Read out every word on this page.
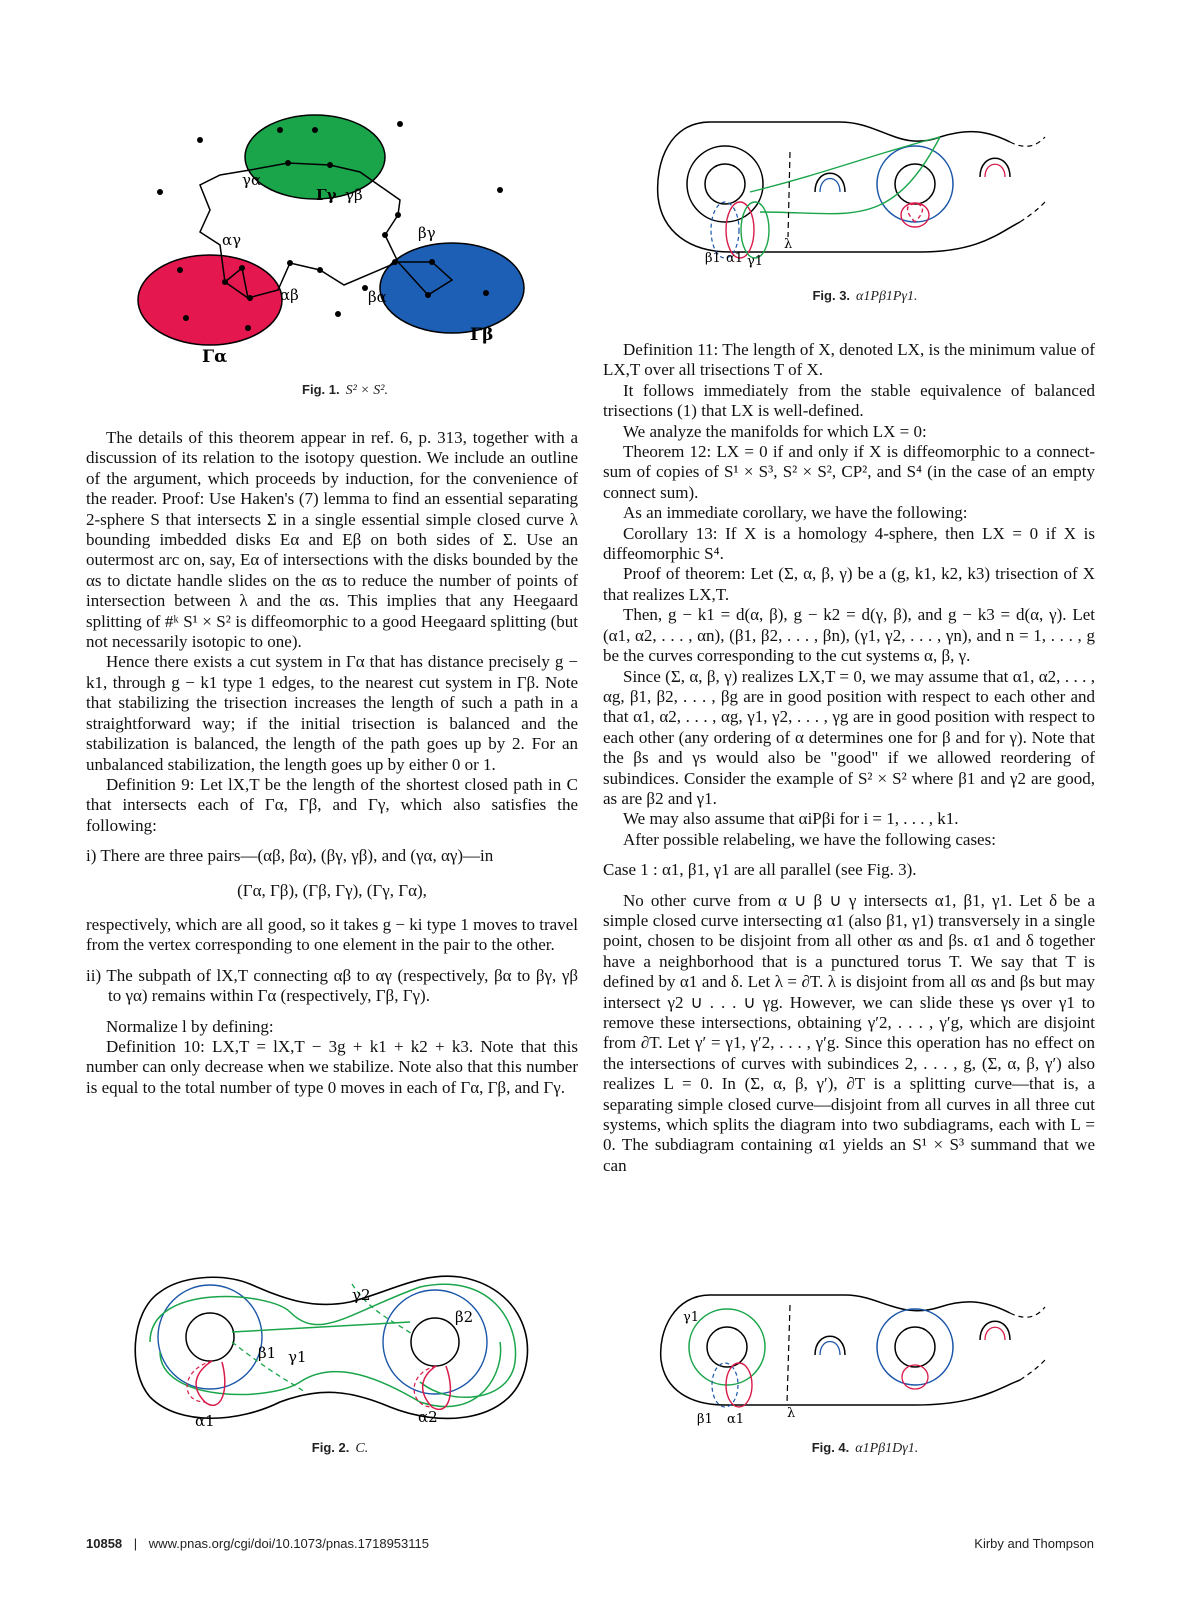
γα
Γγ γβ
αγ	βγ
αβ	βα
Γα
Γβ
Fig. 1. S² × S².
β1 α1 γ1
λ
Fig. 3. α1Pβ1Pγ1.

The details of this theorem appear in ref. 6, p. 313, together with a discussion of its relation to the isotopy question. We include an outline of the argument, which proceeds by induction, for the convenience of the reader. Proof: Use Haken's (7) lemma to find an essential separating 2-sphere S that intersects Σ in a single essential simple closed curve λ bounding imbedded disks Eα and Eβ on both sides of Σ. Use an outermost arc on, say, Eα of intersections with the disks bounded by the αs to dictate handle slides on the αs to reduce the number of points of intersection between λ and the αs. This implies that any Heegaard splitting of #ᵏ S¹ × S² is diffeomorphic to a good Heegaard splitting (but not necessarily isotopic to one).

Hence there exists a cut system in Γα that has distance precisely g − k1, through g − k1 type 1 edges, to the nearest cut system in Γβ. Note that stabilizing the trisection increases the length of such a path in a straightforward way; if the initial trisection is balanced and the stabilization is balanced, the length of the path goes up by 2. For an unbalanced stabilization, the length goes up by either 0 or 1.

Definition 9: Let lX,T be the length of the shortest closed path in C that intersects each of Γα, Γβ, and Γγ, which also satisfies the following:

i) There are three pairs—(αβ, βα), (βγ, γβ), and (γα, αγ)—in

(Γα, Γβ), (Γβ, Γγ), (Γγ, Γα),

respectively, which are all good, so it takes g − ki type 1 moves to travel from the vertex corresponding to one element in the pair to the other.

ii) The subpath of lX,T connecting αβ to αγ (respectively, βα to βγ, γβ to γα) remains within Γα (respectively, Γβ, Γγ).

Normalize l by defining:

Definition 10: LX,T = lX,T − 3g + k1 + k2 + k3. Note that this number can only decrease when we stabilize. Note also that this number is equal to the total number of type 0 moves in each of Γα, Γβ, and Γγ.

Definition 11: The length of X, denoted LX, is the minimum value of LX,T over all trisections T of X.

It follows immediately from the stable equivalence of balanced trisections (1) that LX is well-defined.

We analyze the manifolds for which LX = 0:

Theorem 12: LX = 0 if and only if X is diffeomorphic to a connect-sum of copies of S¹ × S³, S² × S², CP², and S⁴ (in the case of an empty connect sum).

As an immediate corollary, we have the following:

Corollary 13: If X is a homology 4-sphere, then LX = 0 if X is diffeomorphic S⁴.

Proof of theorem: Let (Σ, α, β, γ) be a (g, k1, k2, k3) trisection of X that realizes LX,T.

Then, g − k1 = d(α, β), g − k2 = d(γ, β), and g − k3 = d(α, γ). Let (α1, α2, . . . , αn), (β1, β2, . . . , βn), (γ1, γ2, . . . , γn), and n = 1, . . . , g be the curves corresponding to the cut systems α, β, γ.

Since (Σ, α, β, γ) realizes LX,T = 0, we may assume that α1, α2, . . . , αg, β1, β2, . . . , βg are in good position with respect to each other and that α1, α2, . . . , αg, γ1, γ2, . . . , γg are in good position with respect to each other (any ordering of α determines one for β and for γ). Note that the βs and γs would also be "good" if we allowed reordering of subindices. Consider the example of S² × S² where β1 and γ2 are good, as are β2 and γ1.

We may also assume that αiPβi for i = 1, . . . , k1.

After possible relabeling, we have the following cases:

Case 1 : α1, β1, γ1 are all parallel (see Fig. 3).

No other curve from α ∪ β ∪ γ intersects α1, β1, γ1. Let δ be a simple closed curve intersecting α1 (also β1, γ1) transversely in a single point, chosen to be disjoint from all other αs and βs. α1 and δ together have a neighborhood that is a punctured torus T. We say that T is defined by α1 and δ. Let λ = ∂T. λ is disjoint from all αs and βs but may intersect γ2 ∪ . . . ∪ γg. However, we can slide these γs over γ1 to remove these intersections, obtaining γ′2, . . . , γ′g, which are disjoint from ∂T. Let γ′ = γ1, γ′2, . . . , γ′g. Since this operation has no effect on the intersections of curves with subindices 2, . . . , g, (Σ, α, β, γ′) also realizes L = 0. In (Σ, α, β, γ′), ∂T is a splitting curve—that is, a separating simple closed curve—disjoint from all curves in all three cut systems, which splits the diagram into two subdiagrams, each with L = 0. The subdiagram containing α1 yields an S¹ × S³ summand that we can

γ2
β2
β1 γ1
α1	α2
Fig. 2. C.
γ1
β1 α1	λ
Fig. 4. α1Pβ1Dγ1.
10858 | www.pnas.org/cgi/doi/10.1073/pnas.1718953115	Kirby and Thompson
